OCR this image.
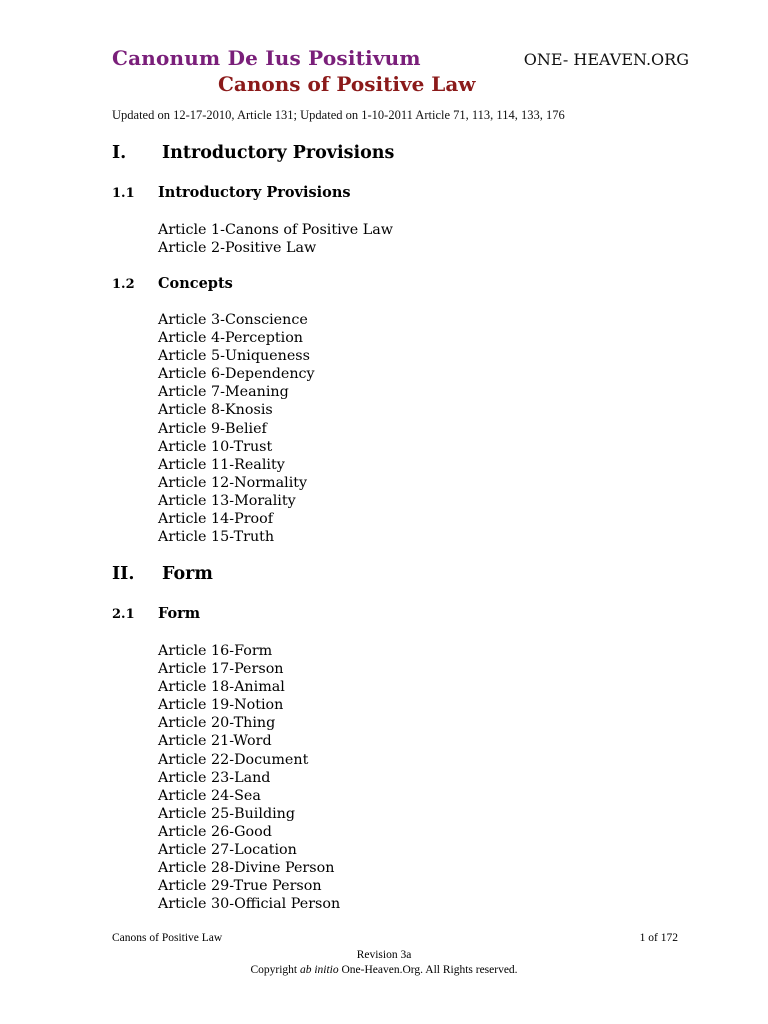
Canonum De Ius Positivum	ONE- HEAVEN.ORG
Canons of Positive Law
Updated on 12-17-2010, Article 131; Updated on 1-10-2011 Article 71, 113, 114, 133, 176
I. Introductory Provisions
1.1 Introductory Provisions
Article 1-Canons of Positive Law
Article 2-Positive Law
1.2 Concepts
Article 3-Conscience
Article 4-Perception
Article 5-Uniqueness
Article 6-Dependency
Article 7-Meaning
Article 8-Knosis
Article 9-Belief
Article 10-Trust
Article 11-Reality
Article 12-Normality
Article 13-Morality
Article 14-Proof
Article 15-Truth
II. Form
2.1 Form
Article 16-Form
Article 17-Person
Article 18-Animal
Article 19-Notion
Article 20-Thing
Article 21-Word
Article 22-Document
Article 23-Land
Article 24-Sea
Article 25-Building
Article 26-Good
Article 27-Location
Article 28-Divine Person
Article 29-True Person
Article 30-Official Person
Canons of Positive Law	1 of 172
Revision 3a
Copyright ab initio One-Heaven.Org. All Rights reserved.
